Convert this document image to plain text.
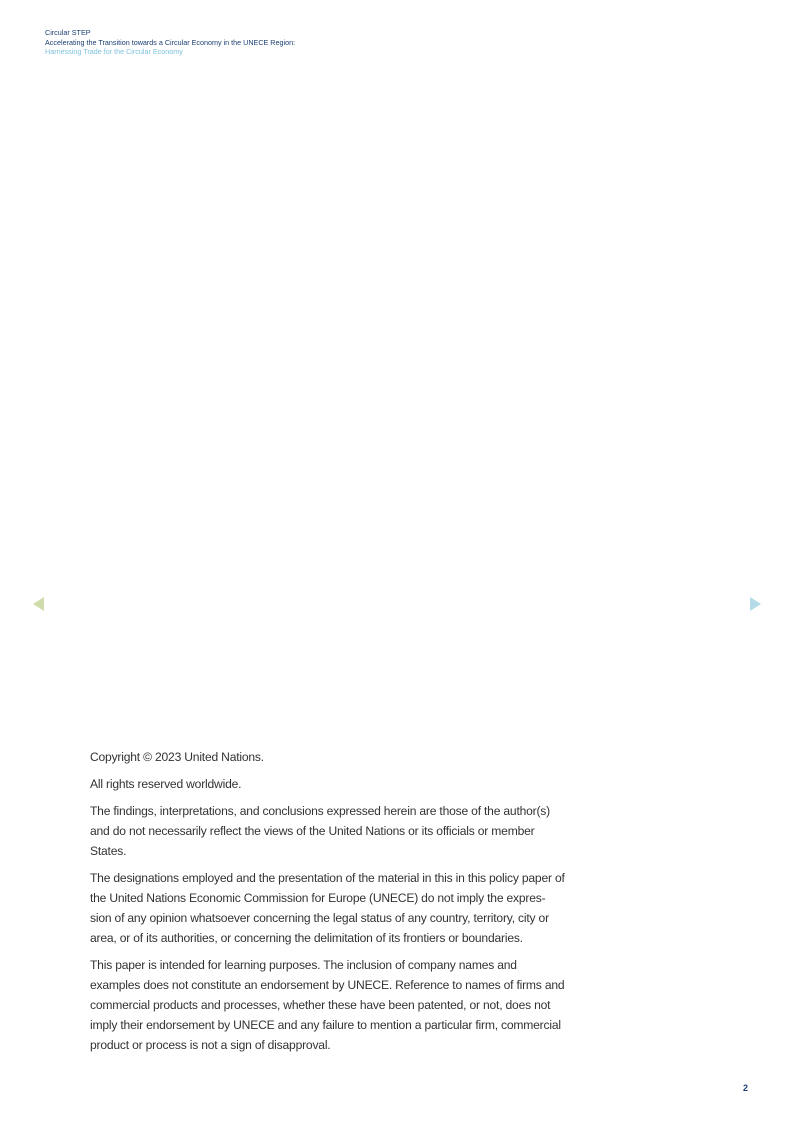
Circular STEP
Accelerating the Transition towards a Circular Economy in the UNECE Region:
Harnessing Trade for the Circular Economy

Copyright © 2023 United Nations.

All rights reserved worldwide.

The findings, interpretations, and conclusions expressed herein are those of the author(s) and do not necessarily reflect the views of the United Nations or its officials or member States.

The designations employed and the presentation of the material in this in this policy paper of the United Nations Economic Commission for Europe (UNECE) do not imply the expres-sion of any opinion whatsoever concerning the legal status of any country, territory, city or area, or of its authorities, or concerning the delimitation of its frontiers or boundaries.

This paper is intended for learning purposes. The inclusion of company names and examples does not constitute an endorsement by UNECE. Reference to names of firms and commercial products and processes, whether these have been patented, or not, does not imply their endorsement by UNECE and any failure to mention a particular firm, commercial product or process is not a sign of disapproval.

2
